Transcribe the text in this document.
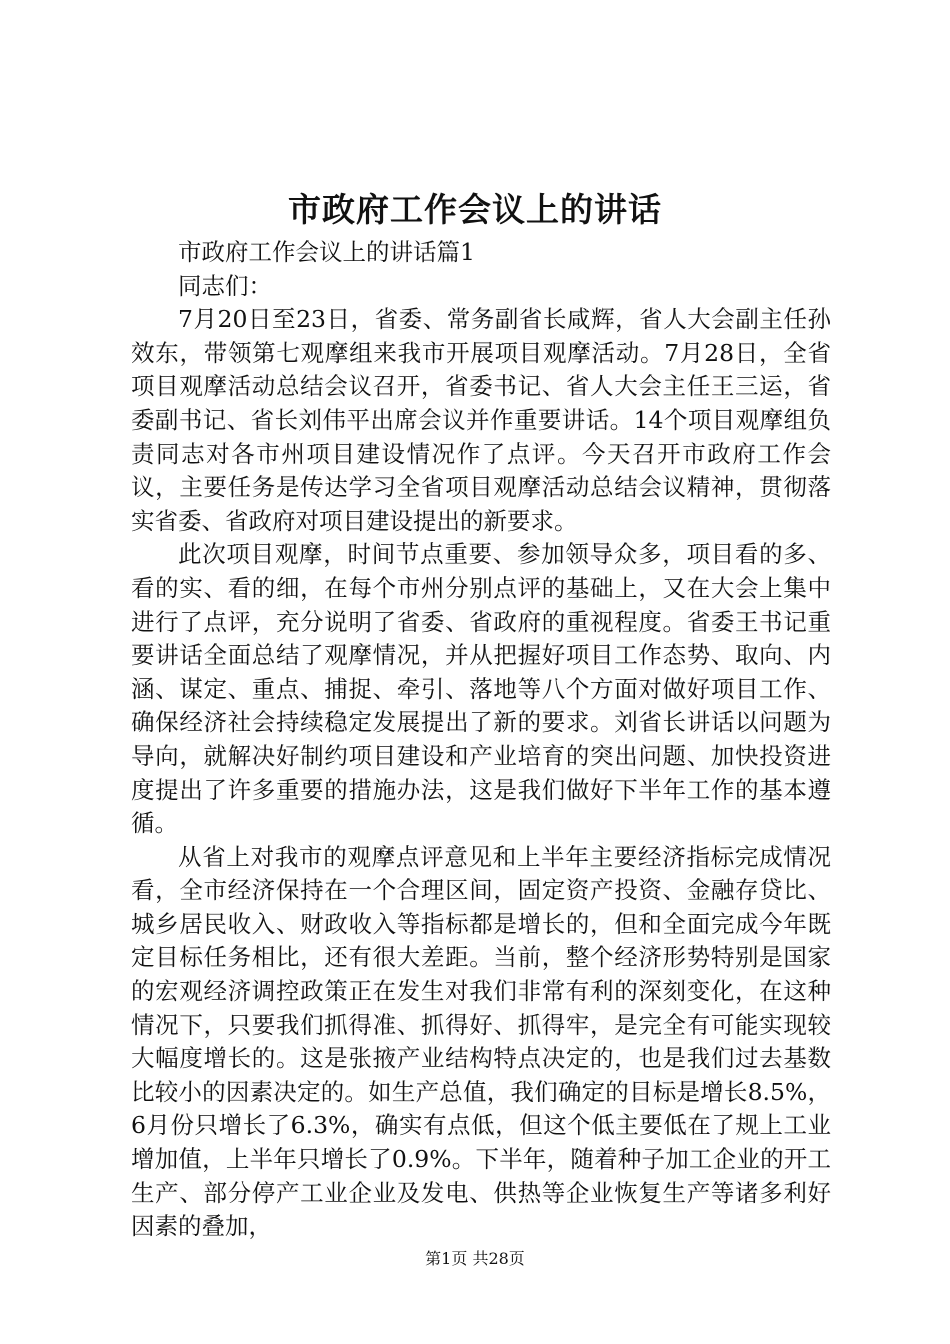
市政府工作会议上的讲话

市政府工作会议上的讲话篇1

同志们：

7月20日至23日，省委、常务副省长咸辉，省人大会副主任孙效东，带领第七观摩组来我市开展项目观摩活动。7月28日，全省项目观摩活动总结会议召开，省委书记、省人大会主任王三运，省委副书记、省长刘伟平出席会议并作重要讲话。14个项目观摩组负责同志对各市州项目建设情况作了点评。今天召开市政府工作会议，主要任务是传达学习全省项目观摩活动总结会议精神，贯彻落实省委、省政府对项目建设提出的新要求。

此次项目观摩，时间节点重要、参加领导众多，项目看的多、看的实、看的细，在每个市州分别点评的基础上，又在大会上集中进行了点评，充分说明了省委、省政府的重视程度。省委王书记重要讲话全面总结了观摩情况，并从把握好项目工作态势、取向、内涵、谋定、重点、捕捉、牵引、落地等八个方面对做好项目工作、确保经济社会持续稳定发展提出了新的要求。刘省长讲话以问题为导向，就解决好制约项目建设和产业培育的突出问题、加快投资进度提出了许多重要的措施办法，这是我们做好下半年工作的基本遵循。

从省上对我市的观摩点评意见和上半年主要经济指标完成情况看，全市经济保持在一个合理区间，固定资产投资、金融存贷比、城乡居民收入、财政收入等指标都是增长的，但和全面完成今年既定目标任务相比，还有很大差距。当前，整个经济形势特别是国家的宏观经济调控政策正在发生对我们非常有利的深刻变化，在这种情况下，只要我们抓得准、抓得好、抓得牢，是完全有可能实现较大幅度增长的。这是张掖产业结构特点决定的，也是我们过去基数比较小的因素决定的。如生产总值，我们确定的目标是增长8.5%，6月份只增长了6.3%，确实有点低，但这个低主要低在了规上工业增加值，上半年只增长了0.9%。下半年，随着种子加工企业的开工生产、部分停产工业企业及发电、供热等企业恢复生产等诸多利好因素的叠加，

第1页 共28页
